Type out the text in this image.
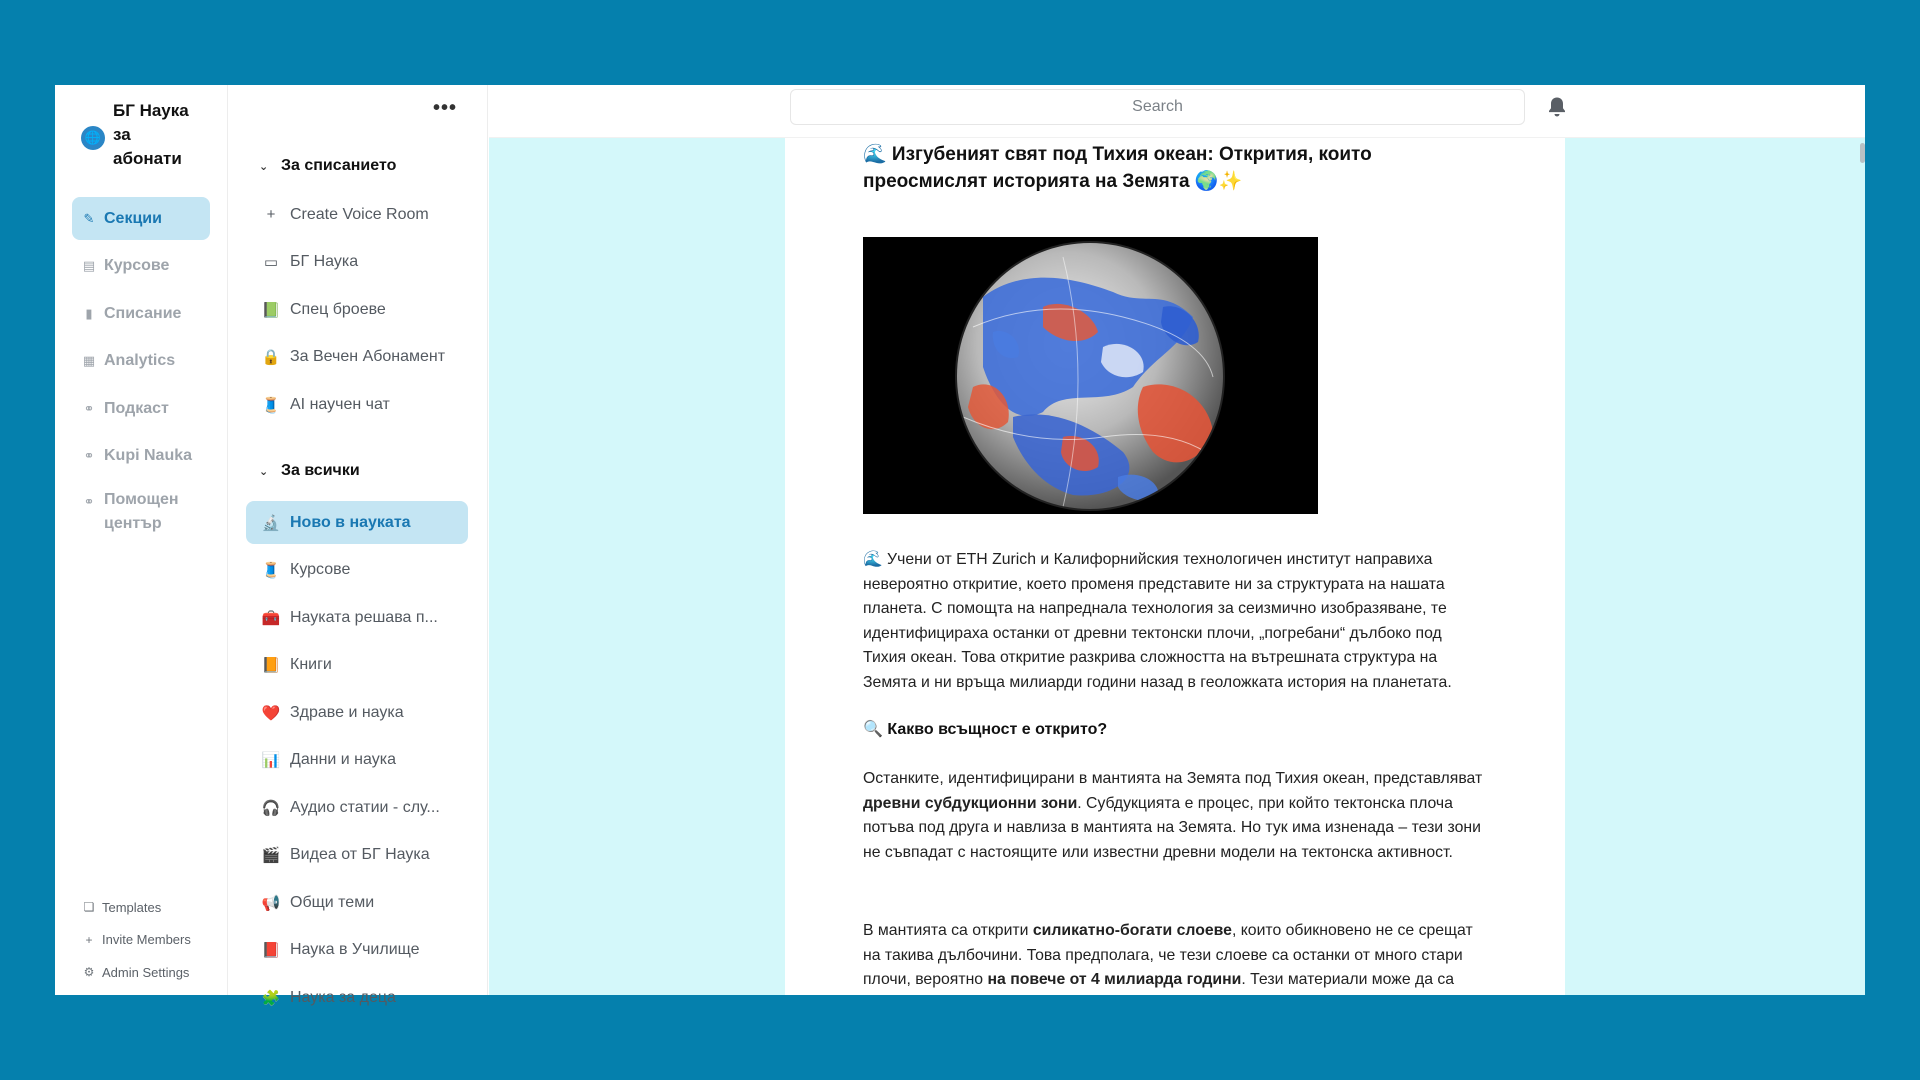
🌐
БГ Наука за абонати
✎ Секции
▤ Курсове
▮ Списание
▦ Analytics
⚭ Подкаст
⚭ Kupi Nauka
⚭ Помощен център
❏ Templates
+ Invite Members
⚙ Admin Settings
•••
⌄ За списанието
+ Create Voice Room
▭ БГ Наука
📗 Спец броеве
🔒 За Вечен Абонамент
🧵 AI научен чат
⌄ За всички
🔬 Ново в науката
🧵 Курсове
🧰 Науката решава п...
📙 Книги
❤️ Здраве и наука
📊 Данни и наука
🎧 Аудио статии - слу...
🎬 Видеа от БГ Наука
📢 Общи теми
📕 Наука в Училище
🧩 Наука за деца
Search
🌊 Изгубеният свят под Тихия океан: Открития, които преосмислят историята на Земята 🌍✨

🌊 Учени от ETH Zurich и Калифорнийския технологичен институт направиха невероятно откритие, което променя представите ни за структурата на нашата планета. С помощта на напреднала технология за сеизмично изобразяване, те идентифицираха останки от древни тектонски плочи, „погребани“ дълбоко под Тихия океан. Това откритие разкрива сложността на вътрешната структура на Земята и ни връща милиарди години назад в геоложката история на планетата.

🔍 Какво всъщност е открито?

Останките, идентифицирани в мантията на Земята под Тихия океан, представляват древни субдукционни зони. Субдукцията е процес, при който тектонска плоча потъва под друга и навлиза в мантията на Земята. Но тук има изненада – тези зони не съвпадат с настоящите или известни древни модели на тектонска активност.

В мантията са открити силикатно-богати слоеве, които обикновено не се срещат на такива дълбочини. Това предполага, че тези слоеве са останки от много стари плочи, вероятно на повече от 4 милиарда години. Тези материали може да са
